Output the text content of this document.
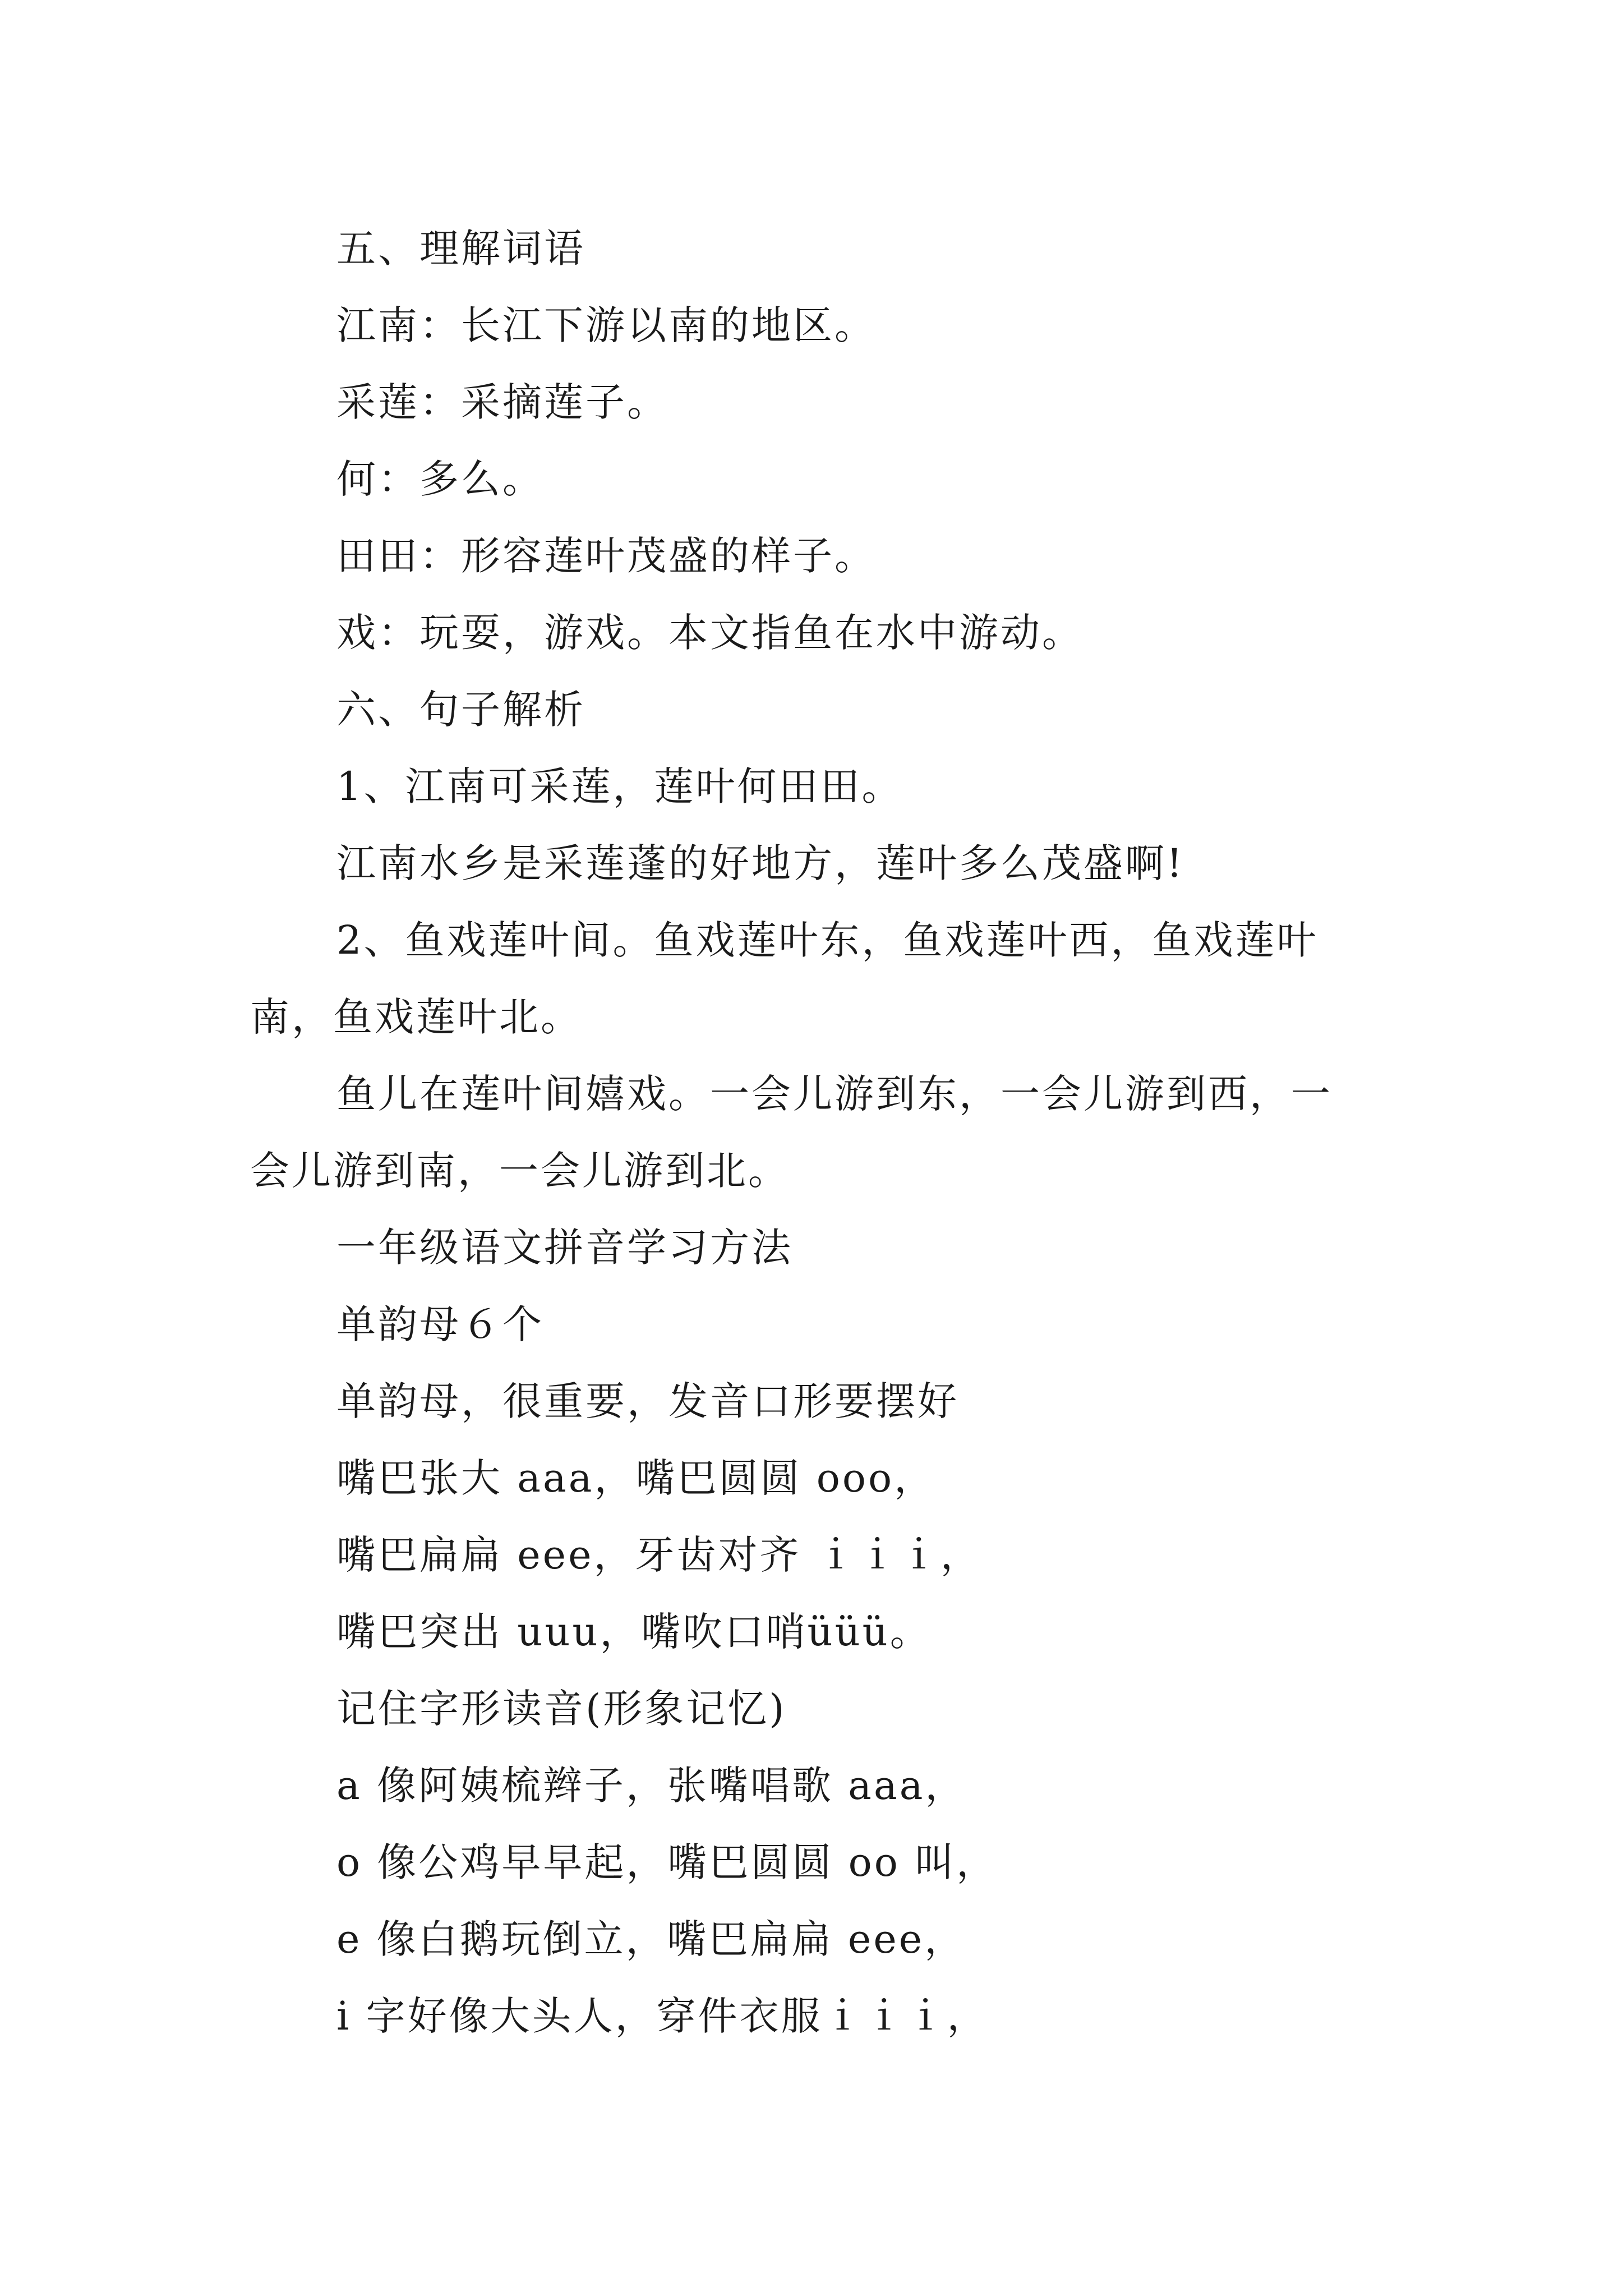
五、理解词语
江南：长江下游以南的地区。
采莲：采摘莲子。
何：多么。
田田：形容莲叶茂盛的样子。
戏：玩耍，游戏。本文指鱼在水中游动。
六、句子解析
1、江南可采莲，莲叶何田田。
江南水乡是采莲蓬的好地方，莲叶多么茂盛啊!
2、鱼戏莲叶间。鱼戏莲叶东，鱼戏莲叶西，鱼戏莲叶
南，鱼戏莲叶北。
鱼儿在莲叶间嬉戏。一会儿游到东，一会儿游到西，一
会儿游到南，一会儿游到北。
一年级语文拼音学习方法
单韵母６个
单韵母，很重要，发音口形要摆好
嘴巴张大 aaa，嘴巴圆圆 ooo，
嘴巴扁扁 eee，牙齿对齐 ｉｉｉ，
嘴巴突出 uuu，嘴吹口哨üüü。
记住字形读音(形象记忆)
a 像阿姨梳辫子，张嘴唱歌 aaa，
o 像公鸡早早起，嘴巴圆圆 oo 叫，
e 像白鹅玩倒立，嘴巴扁扁 eee，
i 字好像大头人，穿件衣服ｉｉｉ，
